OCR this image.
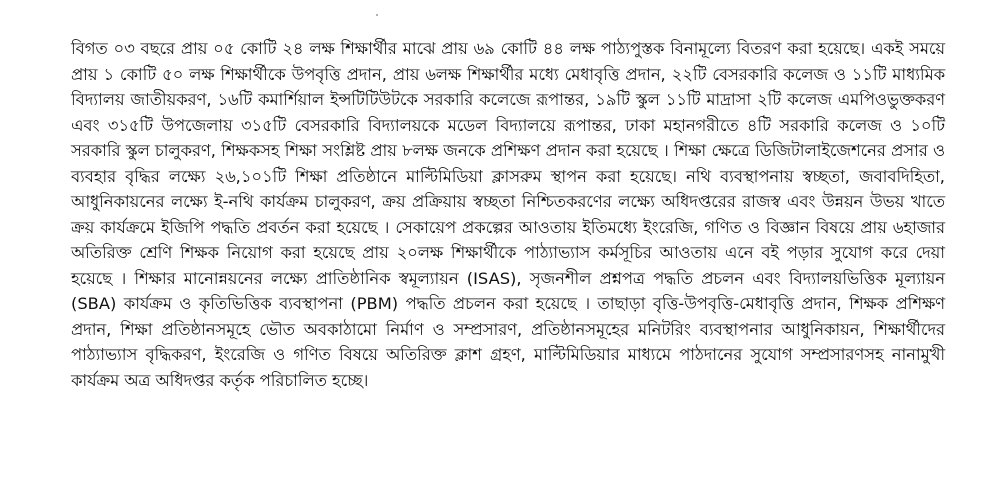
বিগত ০৩ বছরে প্রায় ০৫ কোটি ২৪ লক্ষ শিক্ষার্থীর মাঝে প্রায় ৬৯ কোটি ৪৪ লক্ষ পাঠ্যপুস্তক বিনামূল্যে বিতরণ করা হয়েছে। একই সময়ে প্রায় ১ কোটি ৫০ লক্ষ শিক্ষার্থীকে উপবৃত্তি প্রদান, প্রায় ৬লক্ষ শিক্ষার্থীর মধ্যে মেধাবৃত্তি প্রদান, ২২টি বেসরকারি কলেজ ও ১১টি মাধ্যমিক বিদ্যালয় জাতীয়করণ, ১৬টি কমার্শিয়াল ইন্সটিটিউটকে সরকারি কলেজে রূপান্তর, ১৯টি স্কুল ১১টি মাদ্রাসা ২টি কলেজ এমপিওভুক্তকরণ এবং ৩১৫টি উপজেলায় ৩১৫টি বেসরকারি বিদ্যালয়কে মডেল বিদ্যালয়ে রূপান্তর, ঢাকা মহানগরীতে ৪টি সরকারি কলেজ ও ১০টি সরকারি স্কুল চালুকরণ, শিক্ষকসহ শিক্ষা সংশ্লিষ্ট প্রায় ৮লক্ষ জনকে প্রশিক্ষণ প্রদান করা হয়েছে । শিক্ষা ক্ষেত্রে ডিজিটালাইজেশনের প্রসার ও ব্যবহার বৃদ্ধির লক্ষ্যে ২৬,১০১টি শিক্ষা প্রতিষ্ঠানে মাল্টিমিডিয়া ক্লাসরুম স্থাপন করা হয়েছে। নথি ব্যবস্থাপনায় স্বচ্ছতা, জবাবদিহিতা, আধুনিকায়নের লক্ষ্যে ই-নথি কার্যক্রম চালুকরণ, ক্রয় প্রক্রিয়ায় স্বচ্ছতা নিশ্চিতকরণের লক্ষ্যে অধিদপ্তরের রাজস্ব এবং উন্নয়ন উভয় খাতে ক্রয় কার্যক্রমে ইজিপি পদ্ধতি প্রবর্তন করা হয়েছে । সেকায়েপ প্রকল্পের আওতায় ইতিমধ্যে ইংরেজি, গণিত ও বিজ্ঞান বিষয়ে প্রায় ৬হাজার অতিরিক্ত শ্রেণি শিক্ষক নিয়োগ করা হয়েছে প্রায় ২০লক্ষ শিক্ষার্থীকে পাঠ্যাভ্যাস কর্মসূচির আওতায় এনে বই পড়ার সুযোগ করে দেয়া হয়েছে । শিক্ষার মানোন্নয়নের লক্ষ্যে প্রাতিষ্ঠানিক স্বমূল্যায়ন (ISAS), সৃজনশীল প্রশ্নপত্র পদ্ধতি প্রচলন এবং বিদ্যালয়ভিত্তিক মূল্যায়ন (SBA) কার্যক্রম ও কৃতিভিত্তিক ব্যবস্থাপনা (PBM) পদ্ধতি প্রচলন করা হয়েছে । তাছাড়া বৃত্তি-উপবৃত্তি-মেধাবৃত্তি প্রদান, শিক্ষক প্রশিক্ষণ প্রদান, শিক্ষা প্রতিষ্ঠানসমূহে ভৌত অবকাঠামো নির্মাণ ও সম্প্রসারণ, প্রতিষ্ঠানসমূহের মনিটরিং ব্যবস্থাপনার আধুনিকায়ন, শিক্ষার্থীদের পাঠ্যাভ্যাস বৃদ্ধিকরণ, ইংরেজি ও গণিত বিষয়ে অতিরিক্ত ক্লাশ গ্রহণ, মাল্টিমিডিয়ার মাধ্যমে পাঠদানের সুযোগ সম্প্রসারণসহ নানামুখী কার্যক্রম অত্র অধিদপ্তর কর্তৃক পরিচালিত হচ্ছে।
